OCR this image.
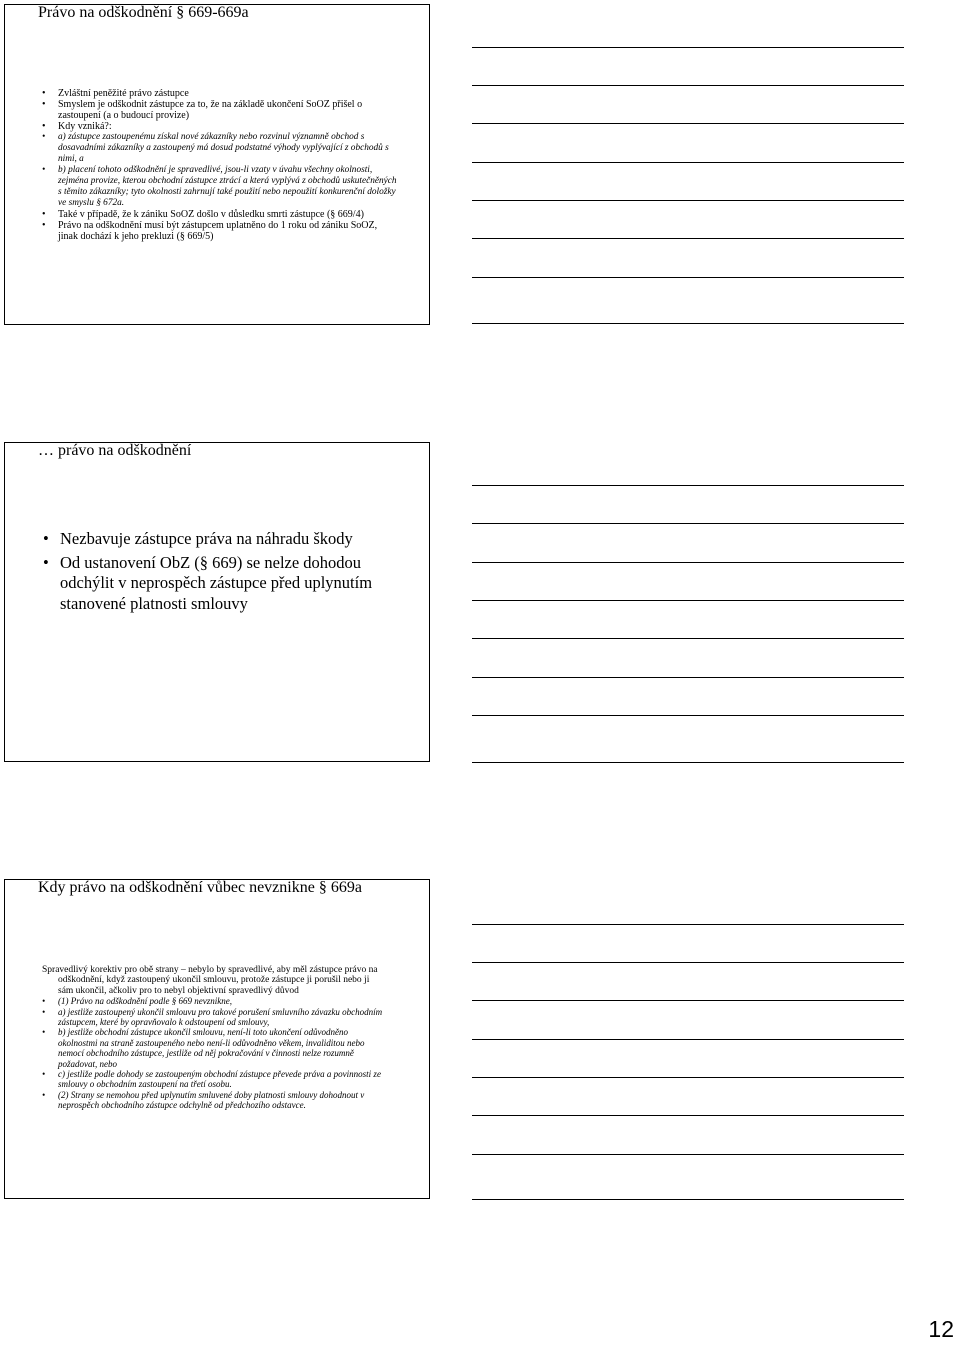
Právo na odškodnění § 669-669a
• Zvláštní peněžité právo zástupce
• Smyslem je odškodnit zástupce za to, že na základě ukončení SoOZ přišel o zastoupení (a o budoucí provize)
• Kdy vzniká?:
• a) zástupce zastoupenému získal nové zákazníky nebo rozvinul významně obchod s dosavadními zákazníky a zastoupený má dosud podstatné výhody vyplývající z obchodů s nimi, a
• b) placení tohoto odškodnění je spravedlivé, jsou-li vzaty v úvahu všechny okolnosti, zejména provize, kterou obchodní zástupce ztrácí a která vyplývá z obchodů uskutečněných s těmito zákazníky; tyto okolnosti zahrnují také použití nebo nepoužití konkurenční doložky ve smyslu § 672a.
• Také v případě, že k zániku SoOZ došlo v důsledku smrti zástupce (§ 669/4)
• Právo na odškodnění musí být zástupcem uplatněno do 1 roku od zániku SoOZ, jinak dochází k jeho prekluzi (§ 669/5)
… právo na odškodnění
• Nezbavuje zástupce práva na náhradu škody
• Od ustanovení ObZ (§ 669) se nelze dohodou odchýlit v neprospěch zástupce před uplynutím stanovené platnosti smlouvy
Kdy právo na odškodnění vůbec nevznikne § 669a
Spravedlivý korektiv pro obě strany – nebylo by spravedlivé, aby měl zástupce právo na odškodnění, když zastoupený ukončil smlouvu, protože zástupce ji porušil nebo ji sám ukončil, ačkoliv pro to nebyl objektivní spravedlivý důvod
• (1) Právo na odškodnění podle § 669 nevznikne,
• a) jestliže zastoupený ukončil smlouvu pro takové porušení smluvního závazku obchodním zástupcem, které by opravňovalo k odstoupení od smlouvy,
• b) jestliže obchodní zástupce ukončil smlouvu, není-li toto ukončení odůvodněno okolnostmi na straně zastoupeného nebo není-li odůvodněno věkem, invaliditou nebo nemocí obchodního zástupce, jestliže od něj pokračování v činnosti nelze rozumně požadovat, nebo
• c) jestliže podle dohody se zastoupeným obchodní zástupce převede práva a povinnosti ze smlouvy o obchodním zastoupení na třetí osobu.
• (2) Strany se nemohou před uplynutím smluvené doby platnosti smlouvy dohodnout v neprospěch obchodního zástupce odchylně od předchozího odstavce.
12
